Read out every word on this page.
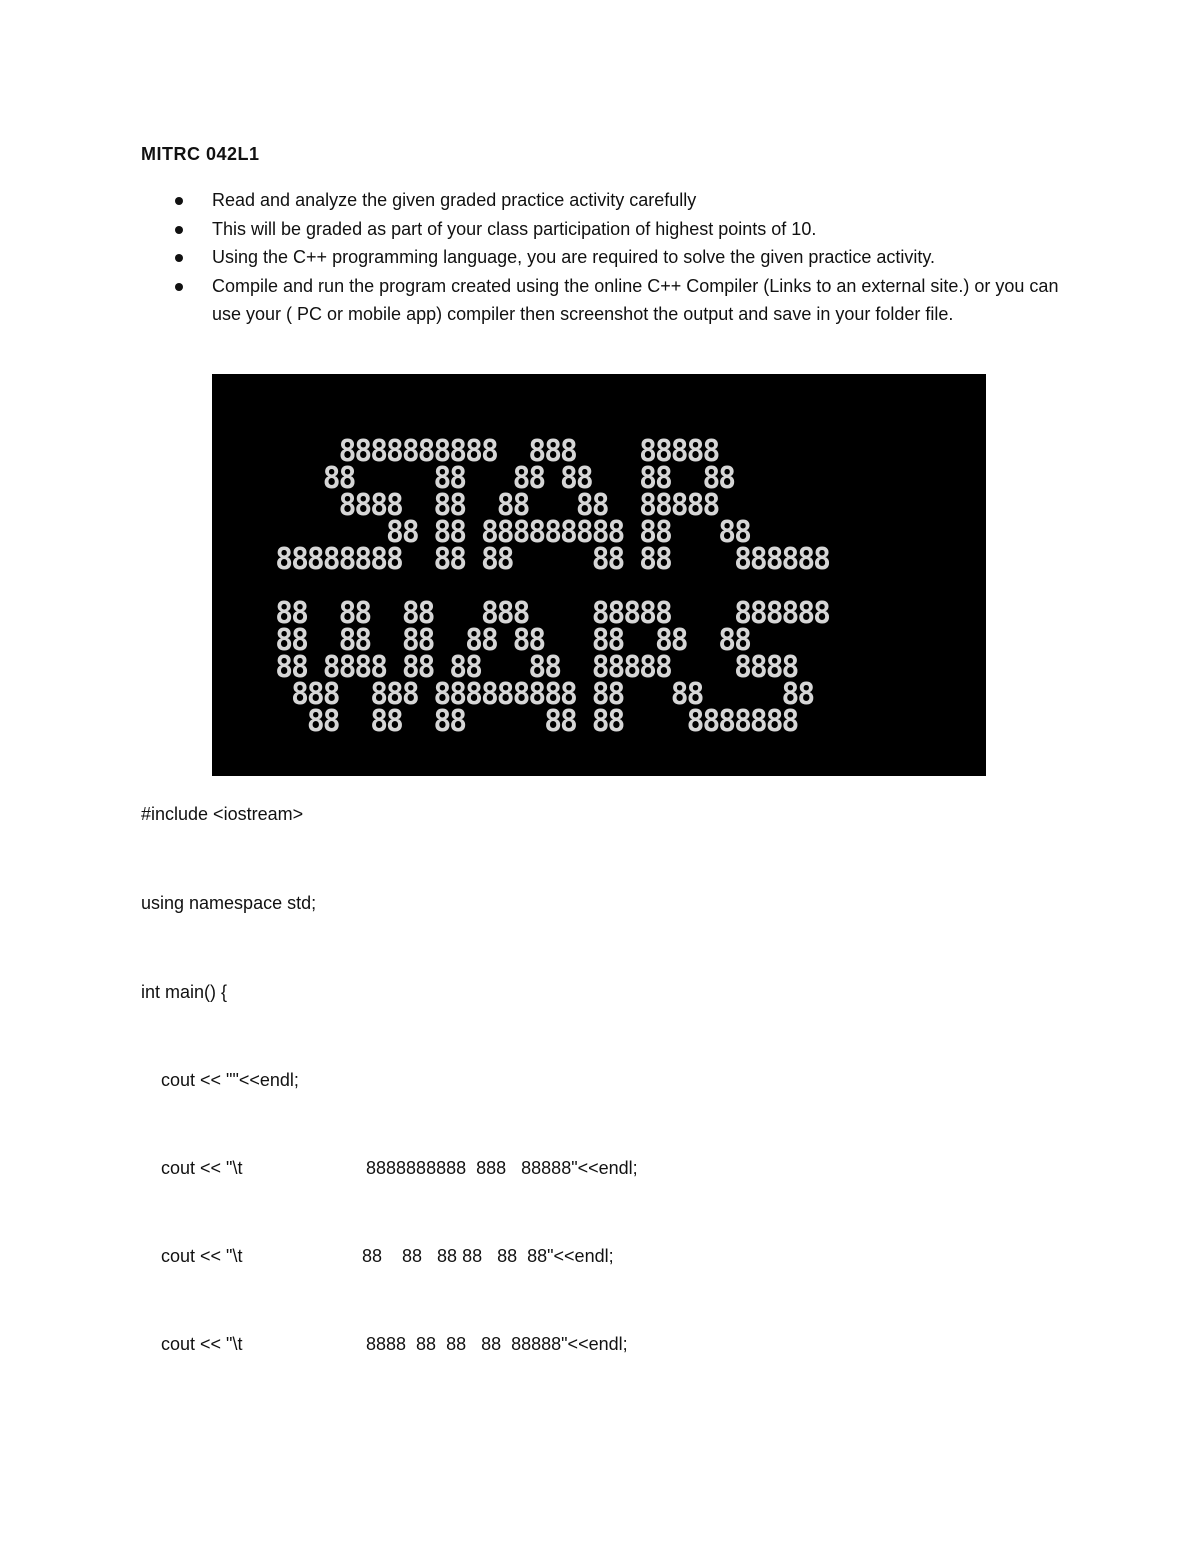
MITRC 042L1
Read and analyze the given graded practice activity carefully
This will be graded as part of your class participation of highest points of 10.
Using the C++ programming language, you are required to solve the given practice activity.
Compile and run the program created using the online C++ Compiler (Links to an external site.) or you can use your ( PC or mobile app) compiler then screenshot the output and save in your folder file.
8888888888  888    88888
88     88   88 88   88  88
8888  88  88   88  88888
88 88 888888888 88   88
88888888  88 88     88 88    888888

88  88  88   888    88888    888888
88  88  88  88 88   88  88  88
88 8888 88 88   88  88888    8888
888  888 888888888 88   88     88
88  88  88     88 88    8888888

#include <iostream>

using namespace std;

int main() {

cout << ""<<endl;

cout << "\t	8888888888  888   88888"<<endl;

cout << "\t	88    88   88 88   88  88"<<endl;

cout << "\t	8888  88  88   88  88888"<<endl;
